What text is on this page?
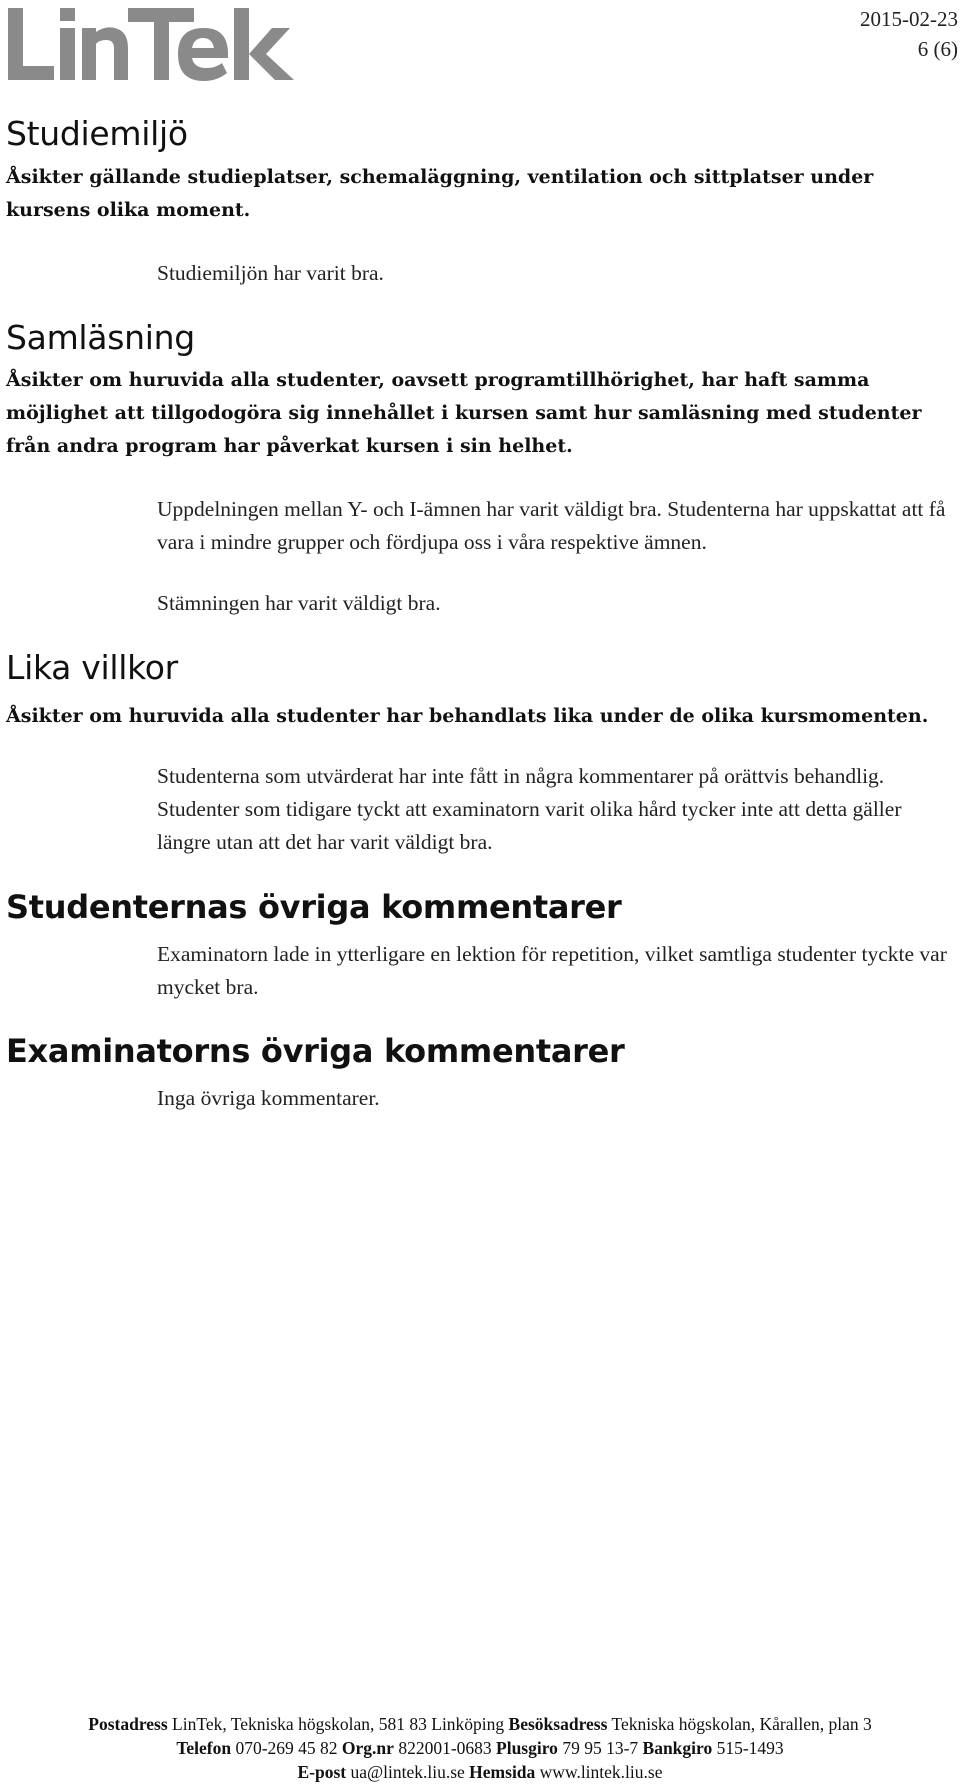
2015-02-23
6 (6)
Studiemiljö

Åsikter gällande studieplatser, schemaläggning, ventilation och sittplatser under kursens olika moment.

Studiemiljön har varit bra.

Samläsning

Åsikter om huruvida alla studenter, oavsett programtillhörighet, har haft samma möjlighet att tillgodogöra sig innehållet i kursen samt hur samläsning med studenter från andra program har påverkat kursen i sin helhet.

Uppdelningen mellan Y- och I-ämnen har varit väldigt bra. Studenterna har uppskattat att få vara i mindre grupper och fördjupa oss i våra respektive ämnen.

Stämningen har varit väldigt bra.

Lika villkor

Åsikter om huruvida alla studenter har behandlats lika under de olika kursmomenten.

Studenterna som utvärderat har inte fått in några kommentarer på orättvis behandlig. Studenter som tidigare tyckt att examinatorn varit olika hård tycker inte att detta gäller längre utan att det har varit väldigt bra.

Studenternas övriga kommentarer

Examinatorn lade in ytterligare en lektion för repetition, vilket samtliga studenter tyckte var mycket bra.

Examinatorns övriga kommentarer

Inga övriga kommentarer.

Postadress LinTek, Tekniska högskolan, 581 83 Linköping Besöksadress Tekniska högskolan, Kårallen, plan 3
Telefon 070-269 45 82 Org.nr 822001-0683 Plusgiro 79 95 13-7 Bankgiro 515-1493
E-post ua@lintek.liu.se Hemsida www.lintek.liu.se
